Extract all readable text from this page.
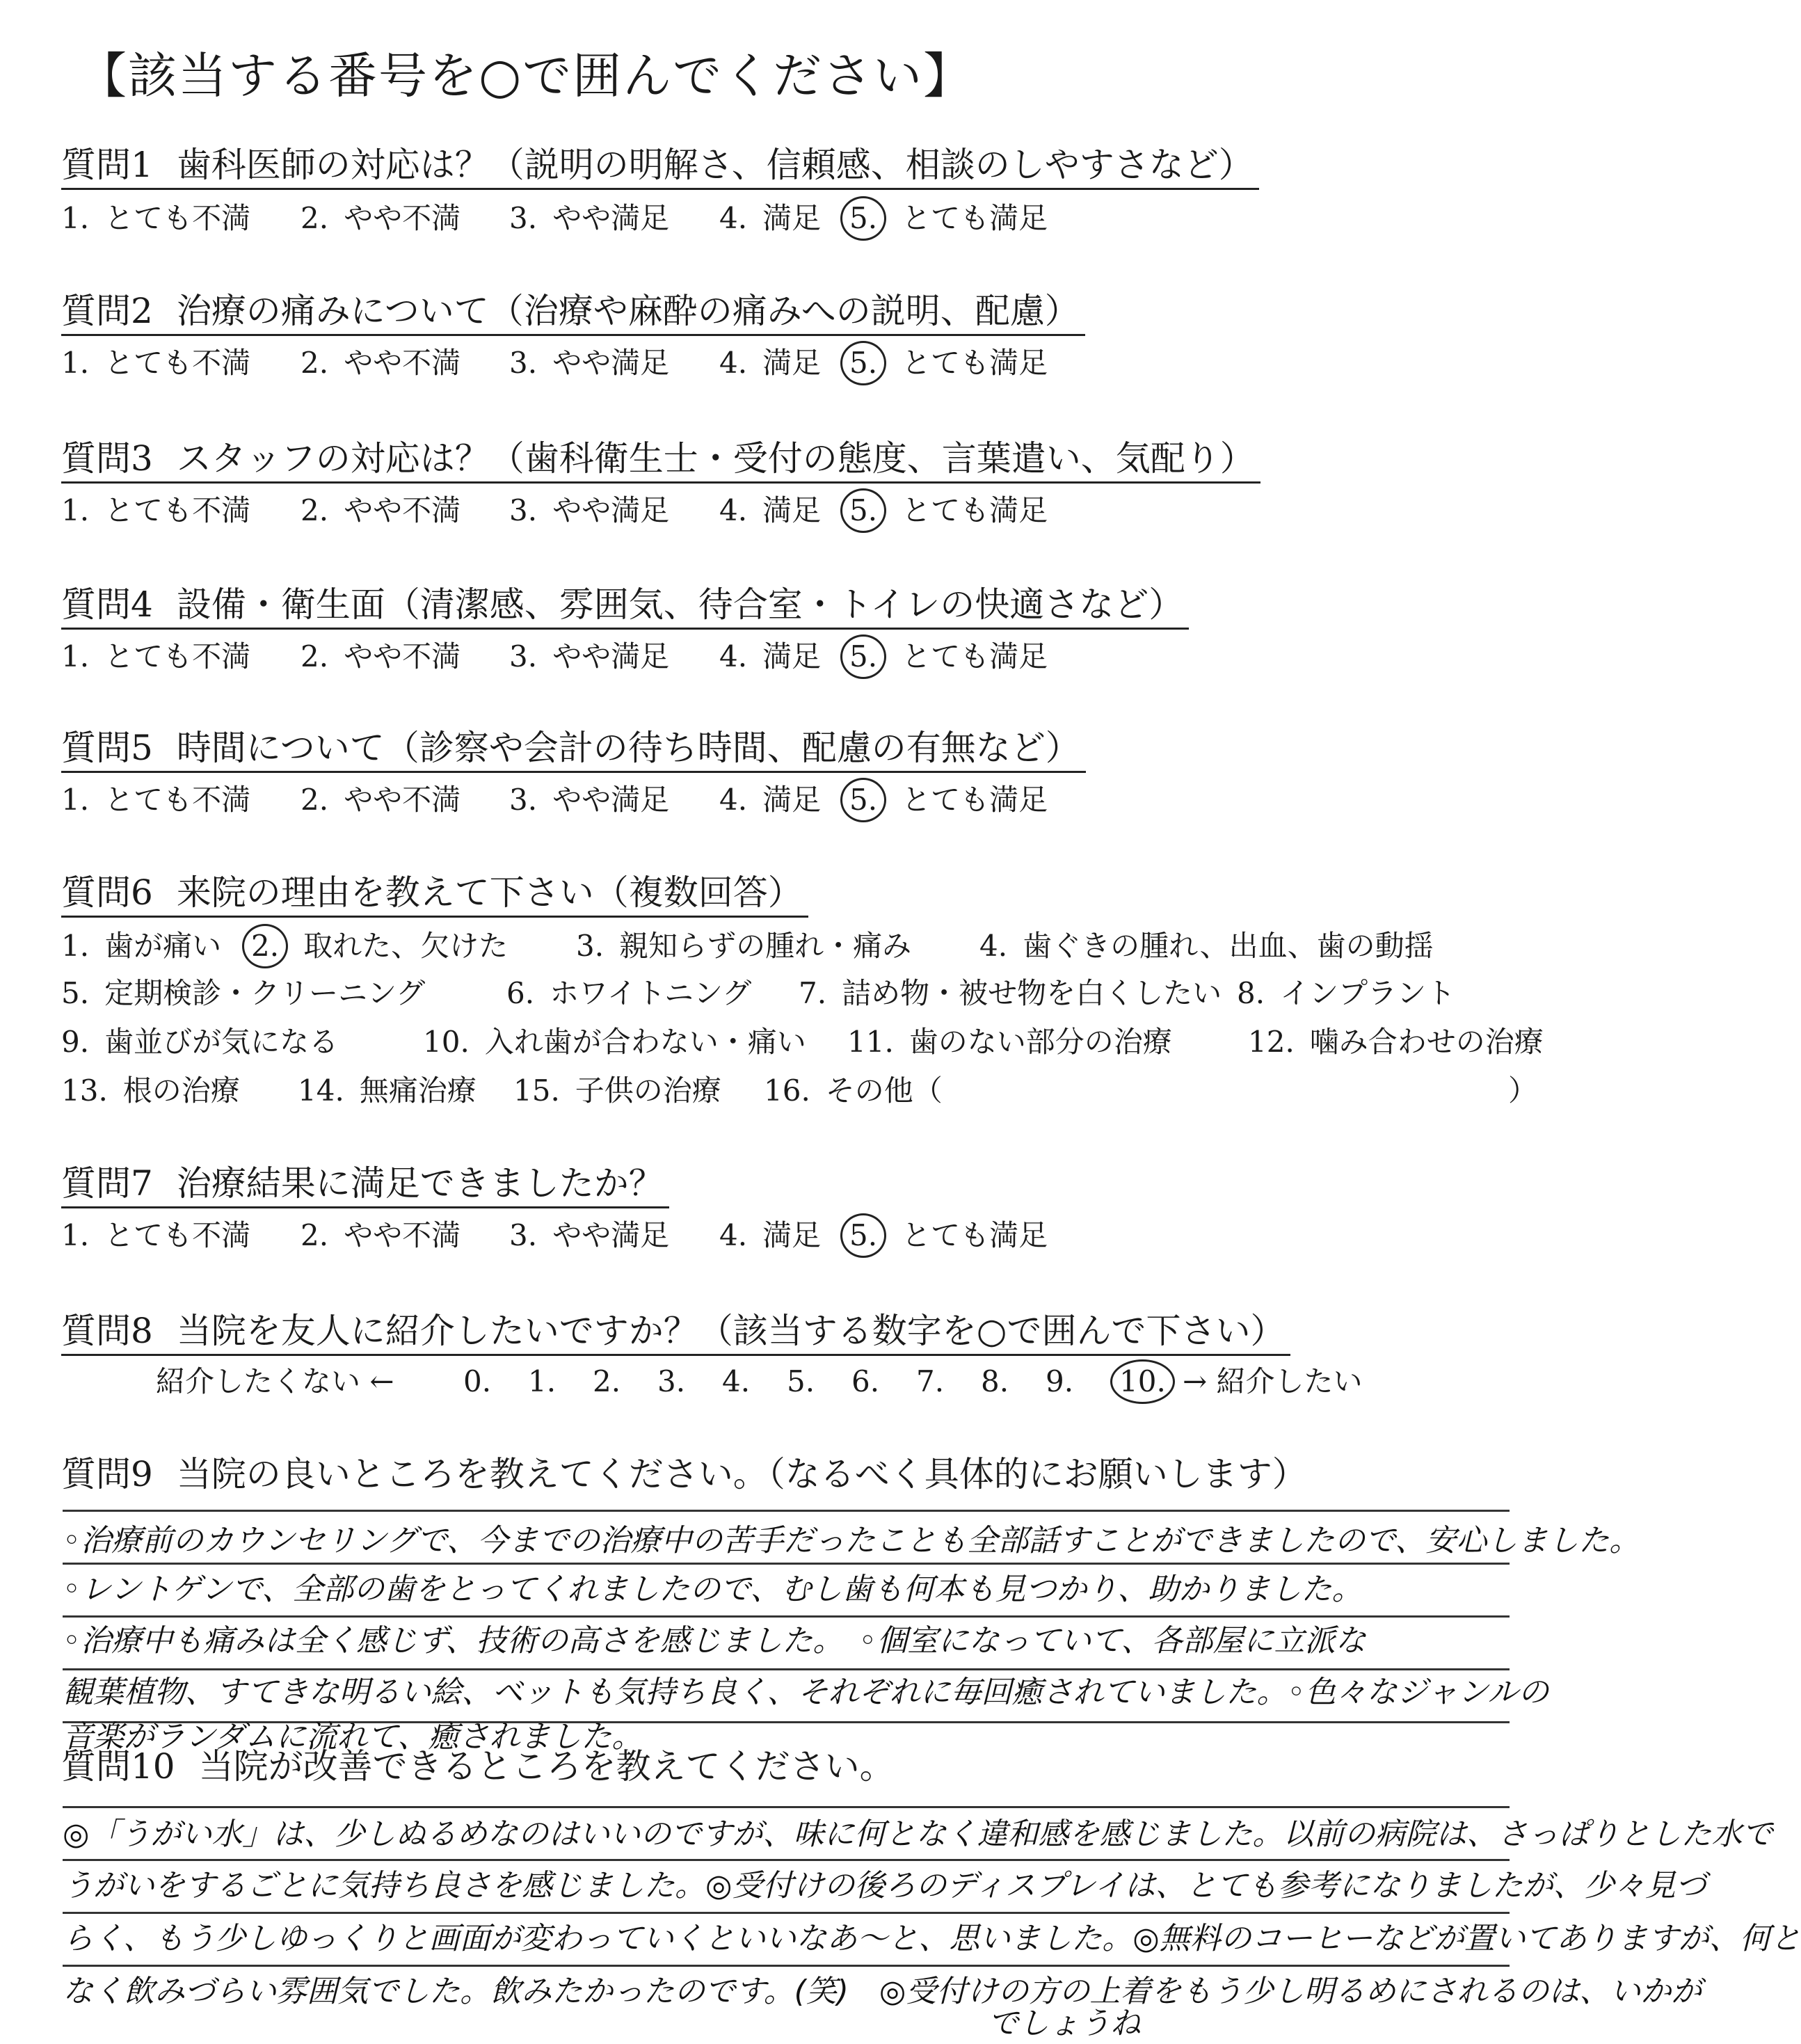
【該当する番号を○で囲んでください】
質問1 歯科医師の対応は？（説明の明解さ、信頼感、相談のしやすさなど）
1. とても不満 2. やや不満 3. やや満足 4. 満足 5. とても満足
質問2 治療の痛みについて（治療や麻酔の痛みへの説明、配慮）
1. とても不満 2. やや不満 3. やや満足 4. 満足 5. とても満足
質問3 スタッフの対応は？（歯科衛生士・受付の態度、言葉遣い、気配り）
1. とても不満 2. やや不満 3. やや満足 4. 満足 5. とても満足
質問4 設備・衛生面（清潔感、雰囲気、待合室・トイレの快適さなど）
1. とても不満 2. やや不満 3. やや満足 4. 満足 5. とても満足
質問5 時間について（診察や会計の待ち時間、配慮の有無など）
1. とても不満 2. やや不満 3. やや満足 4. 満足 5. とても満足
質問6 来院の理由を教えて下さい（複数回答）
1. 歯が痛い	2. 取れた、欠けた 3. 親知らずの腫れ・痛み 4. 歯ぐきの腫れ、出血、歯の動揺
5. 定期検診・クリーニング	6. ホワイトニング 7. 詰め物・被せ物を白くしたい 8. インプラント
9. 歯並びが気になる	10. 入れ歯が合わない・痛い 11. 歯のない部分の治療	12. 噛み合わせの治療
13. 根の治療 14. 無痛治療 15. 子供の治療 16. その他（	）
質問7 治療結果に満足できましたか？
1. とても不満 2. やや不満 3. やや満足 4. 満足 5. とても満足
質問8 当院を友人に紹介したいですか？（該当する数字を○で囲んで下さい）
紹介したくない ← 0.	1.	2.	3.	4.	5.	6.	7.	8.	9.	10. → 紹介したい
質問9 当院の良いところを教えてください。（なるべく具体的にお願いします）
◦治療前のカウンセリングで、今までの治療中の苦手だったことも全部話すことができましたので、安心しました。
◦レントゲンで、全部の歯をとってくれましたので、むし歯も何本も見つかり、助かりました。
◦治療中も痛みは全く感じず、技術の高さを感じました。　◦個室になっていて、各部屋に立派な
観葉植物、すてきな明るい絵、ベットも気持ち良く、それぞれに毎回癒されていました。◦色々なジャンルの
音楽がランダムに流れて、癒されました。
質問10 当院が改善できるところを教えてください。
◎「うがい水」は、少しぬるめなのはいいのですが、味に何となく違和感を感じました。以前の病院は、さっぱりとした水で
うがいをするごとに気持ち良さを感じました。◎受付けの後ろのディスプレイは、とても参考になりましたが、少々見づ
らく、もう少しゆっくりと画面が変わっていくといいなあ～と、思いました。◎無料のコーヒーなどが置いてありますが、何と
なく飲みづらい雰囲気でした。飲みたかったのです。(笑)　◎受付けの方の上着をもう少し明るめにされるのは、いかが
でしょうね
